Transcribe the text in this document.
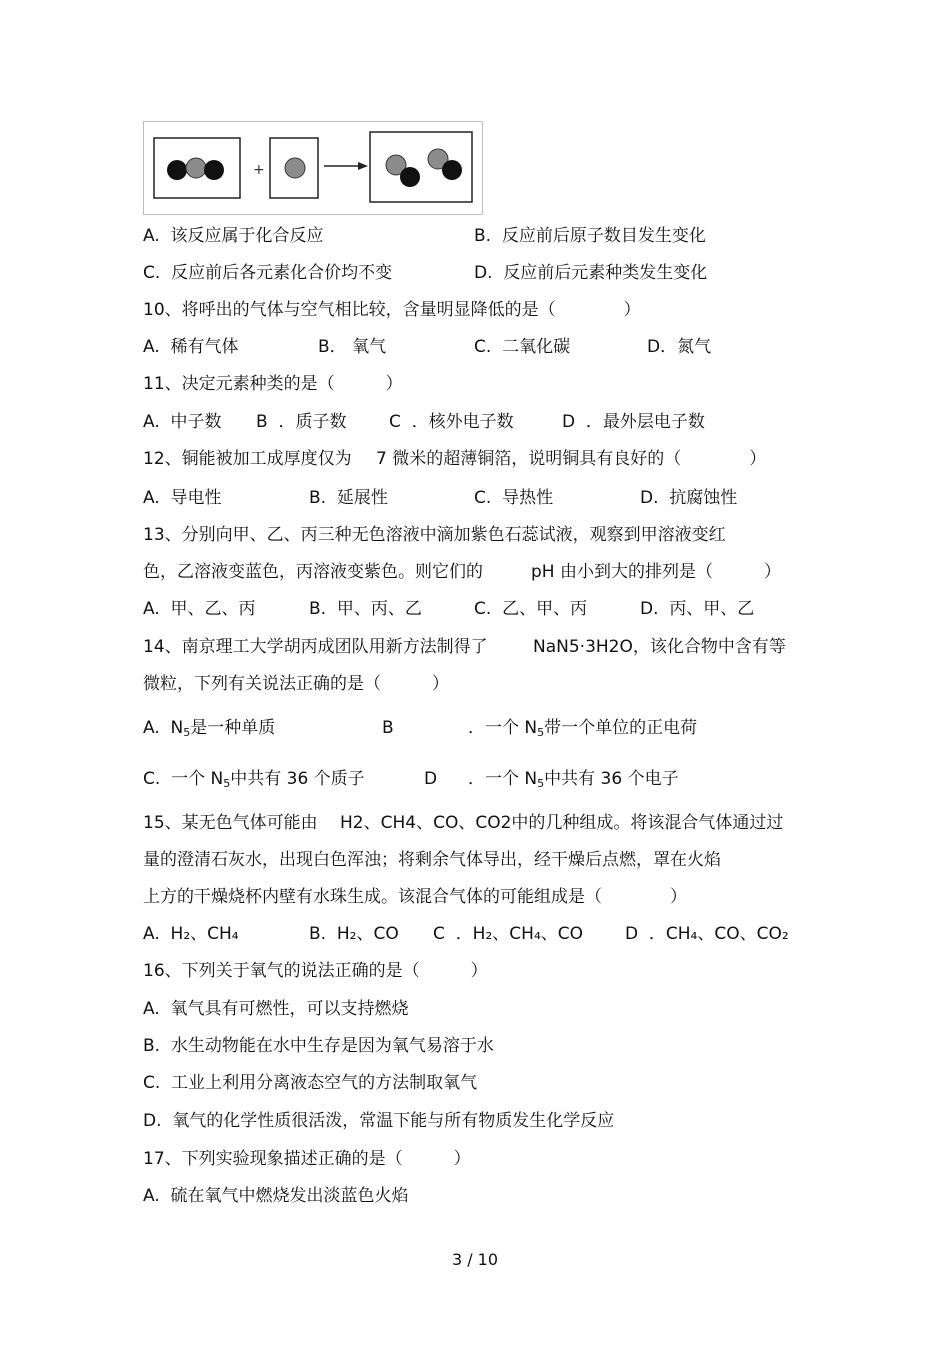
+
A. 该反应属于化合反应	B. 反应前后原子数目发生变化
C. 反应前后各元素化合价均不变	D. 反应前后元素种类发生变化
10、将呼出的气体与空气相比较，含量明显降低的是（　　　　）
A. 稀有气体	B． 氧气	C. 二氧化碳	D．氮气
11、决定元素种类的是（　　　）
A. 中子数 B ．质子数	C ．核外电子数	D ．最外层电子数
12、铜能被加工成厚度仅为 7 微米的超薄铜箔，说明铜具有良好的（　　　　）
A. 导电性	B. 延展性	C. 导热性	D. 抗腐蚀性
13、分别向甲、乙、丙三种无色溶液中滴加紫色石蕊试液，观察到甲溶液变红
色，乙溶液变蓝色，丙溶液变紫色。则它们的	pH 由小到大的排列是（　　　）
A. 甲、乙、丙	B. 甲、丙、乙	C. 乙、甲、丙	D. 丙、甲、乙
14、南京理工大学胡丙成团队用新方法制得了	NaN5·3H2O，该化合物中含有等
微粒，下列有关说法正确的是（　　　）
A. $N_5$是一种单质	B	．一个 $N_5$带一个单位的正电荷
C. 一个 $N_5$中共有 36 个质子	D ．一个 $N_5$中共有 36 个电子
15、某无色气体可能由 H2、CH4、CO、CO2中的几种组成。将该混合气体通过过
量的澄清石灰水，出现白色浑浊；将剩余气体导出，经干燥后点燃，罩在火焰
上方的干燥烧杯内壁有水珠生成。该混合气体的可能组成是（　　　　）
A. H₂、CH₄	B. H₂、CO C ．H₂、CH₄、CO D ．CH₄、CO、CO₂
16、下列关于氧气的说法正确的是（　　　）
A. 氧气具有可燃性，可以支持燃烧
B. 水生动物能在水中生存是因为氧气易溶于水
C. 工业上利用分离液态空气的方法制取氧气
D. 氧气的化学性质很活泼，常温下能与所有物质发生化学反应
17、下列实验现象描述正确的是（　　　）
A. 硫在氧气中燃烧发出淡蓝色火焰
3 / 10
